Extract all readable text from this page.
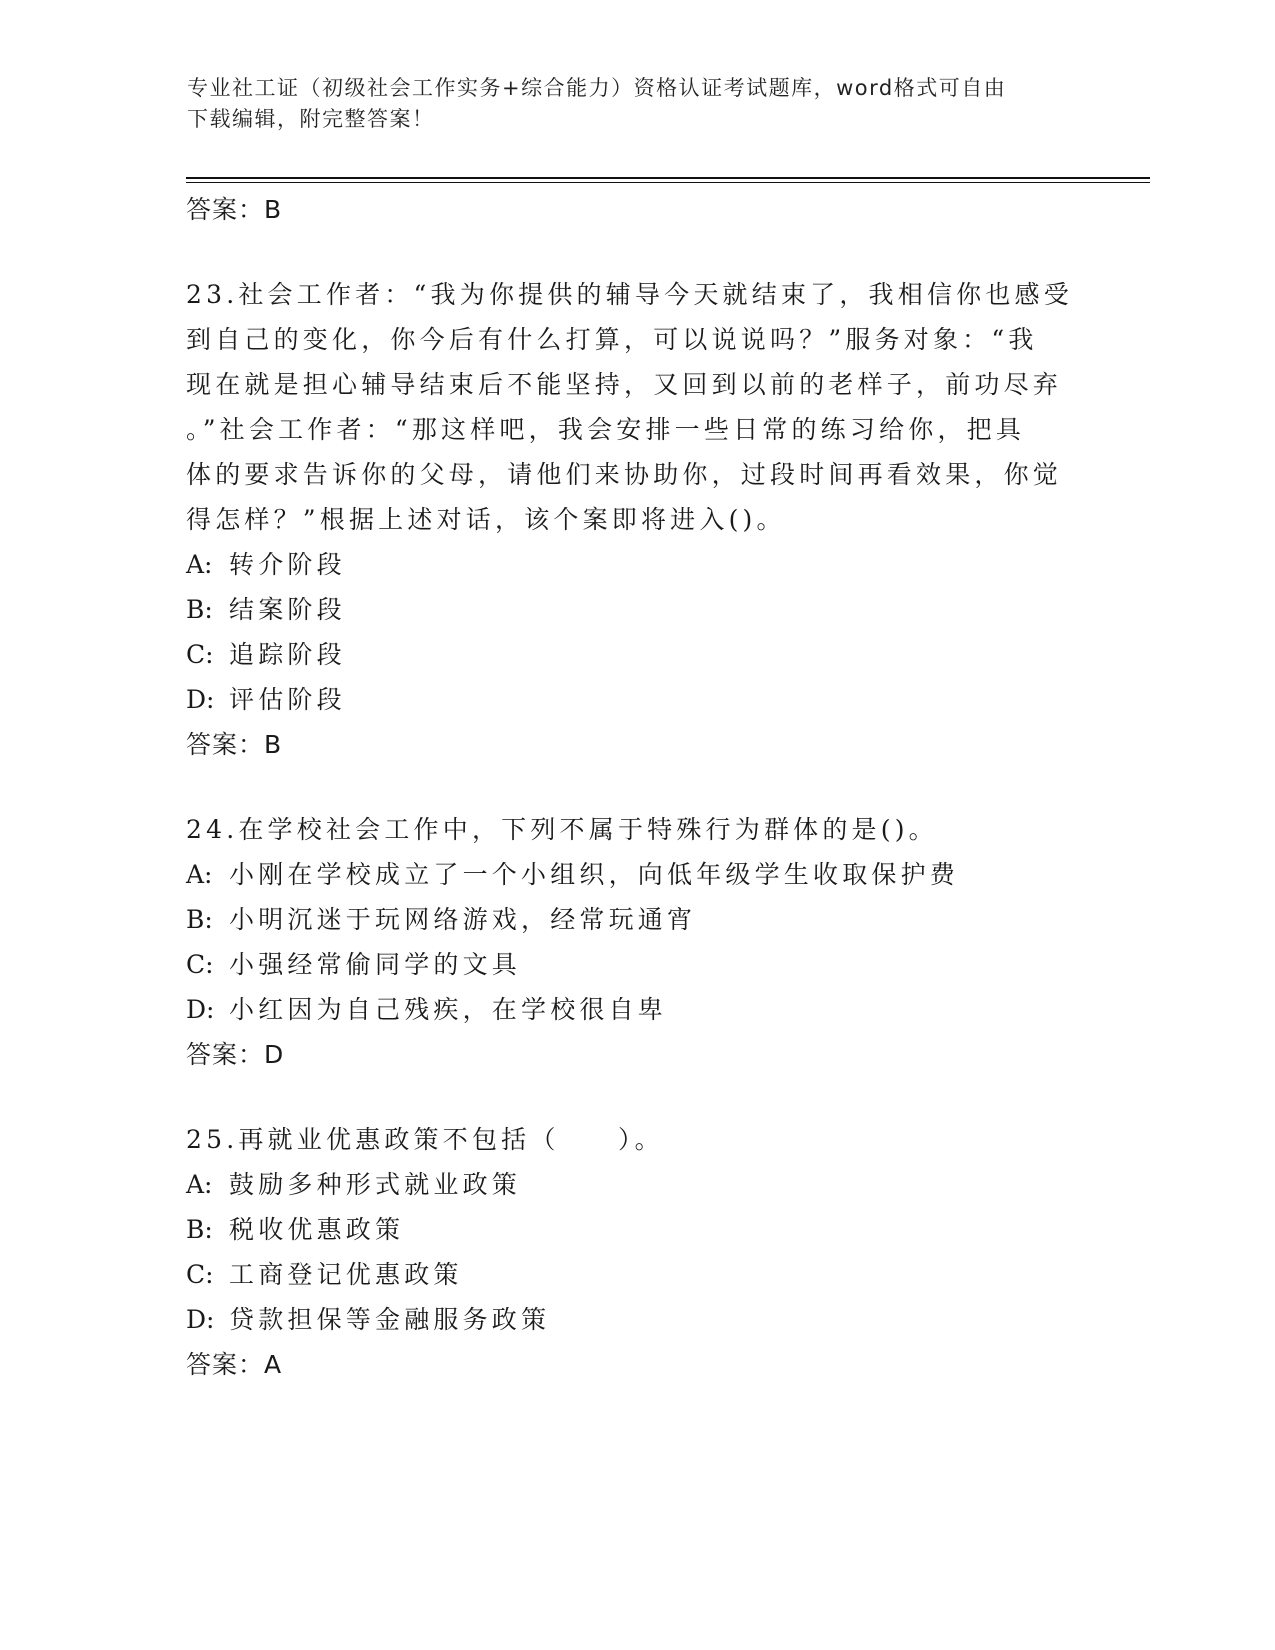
专业社工证（初级社会工作实务+综合能力）资格认证考试题库，word格式可自由
下载编辑，附完整答案！
答案：B
23.社会工作者：“我为你提供的辅导今天就结束了，我相信你也感受
到自己的变化，你今后有什么打算，可以说说吗？”服务对象：“我
现在就是担心辅导结束后不能坚持，又回到以前的老样子，前功尽弃
。”社会工作者：“那这样吧，我会安排一些日常的练习给你，把具
体的要求告诉你的父母，请他们来协助你，过段时间再看效果，你觉
得怎样？”根据上述对话，该个案即将进入()。
A: 转介阶段
B: 结案阶段
C: 追踪阶段
D: 评估阶段
答案：B
24.在学校社会工作中，下列不属于特殊行为群体的是()。
A: 小刚在学校成立了一个小组织，向低年级学生收取保护费
B: 小明沉迷于玩网络游戏，经常玩通宵
C: 小强经常偷同学的文具
D: 小红因为自己残疾，在学校很自卑
答案：D
25.再就业优惠政策不包括（　　）。
A: 鼓励多种形式就业政策
B: 税收优惠政策
C: 工商登记优惠政策
D: 贷款担保等金融服务政策
答案：A
